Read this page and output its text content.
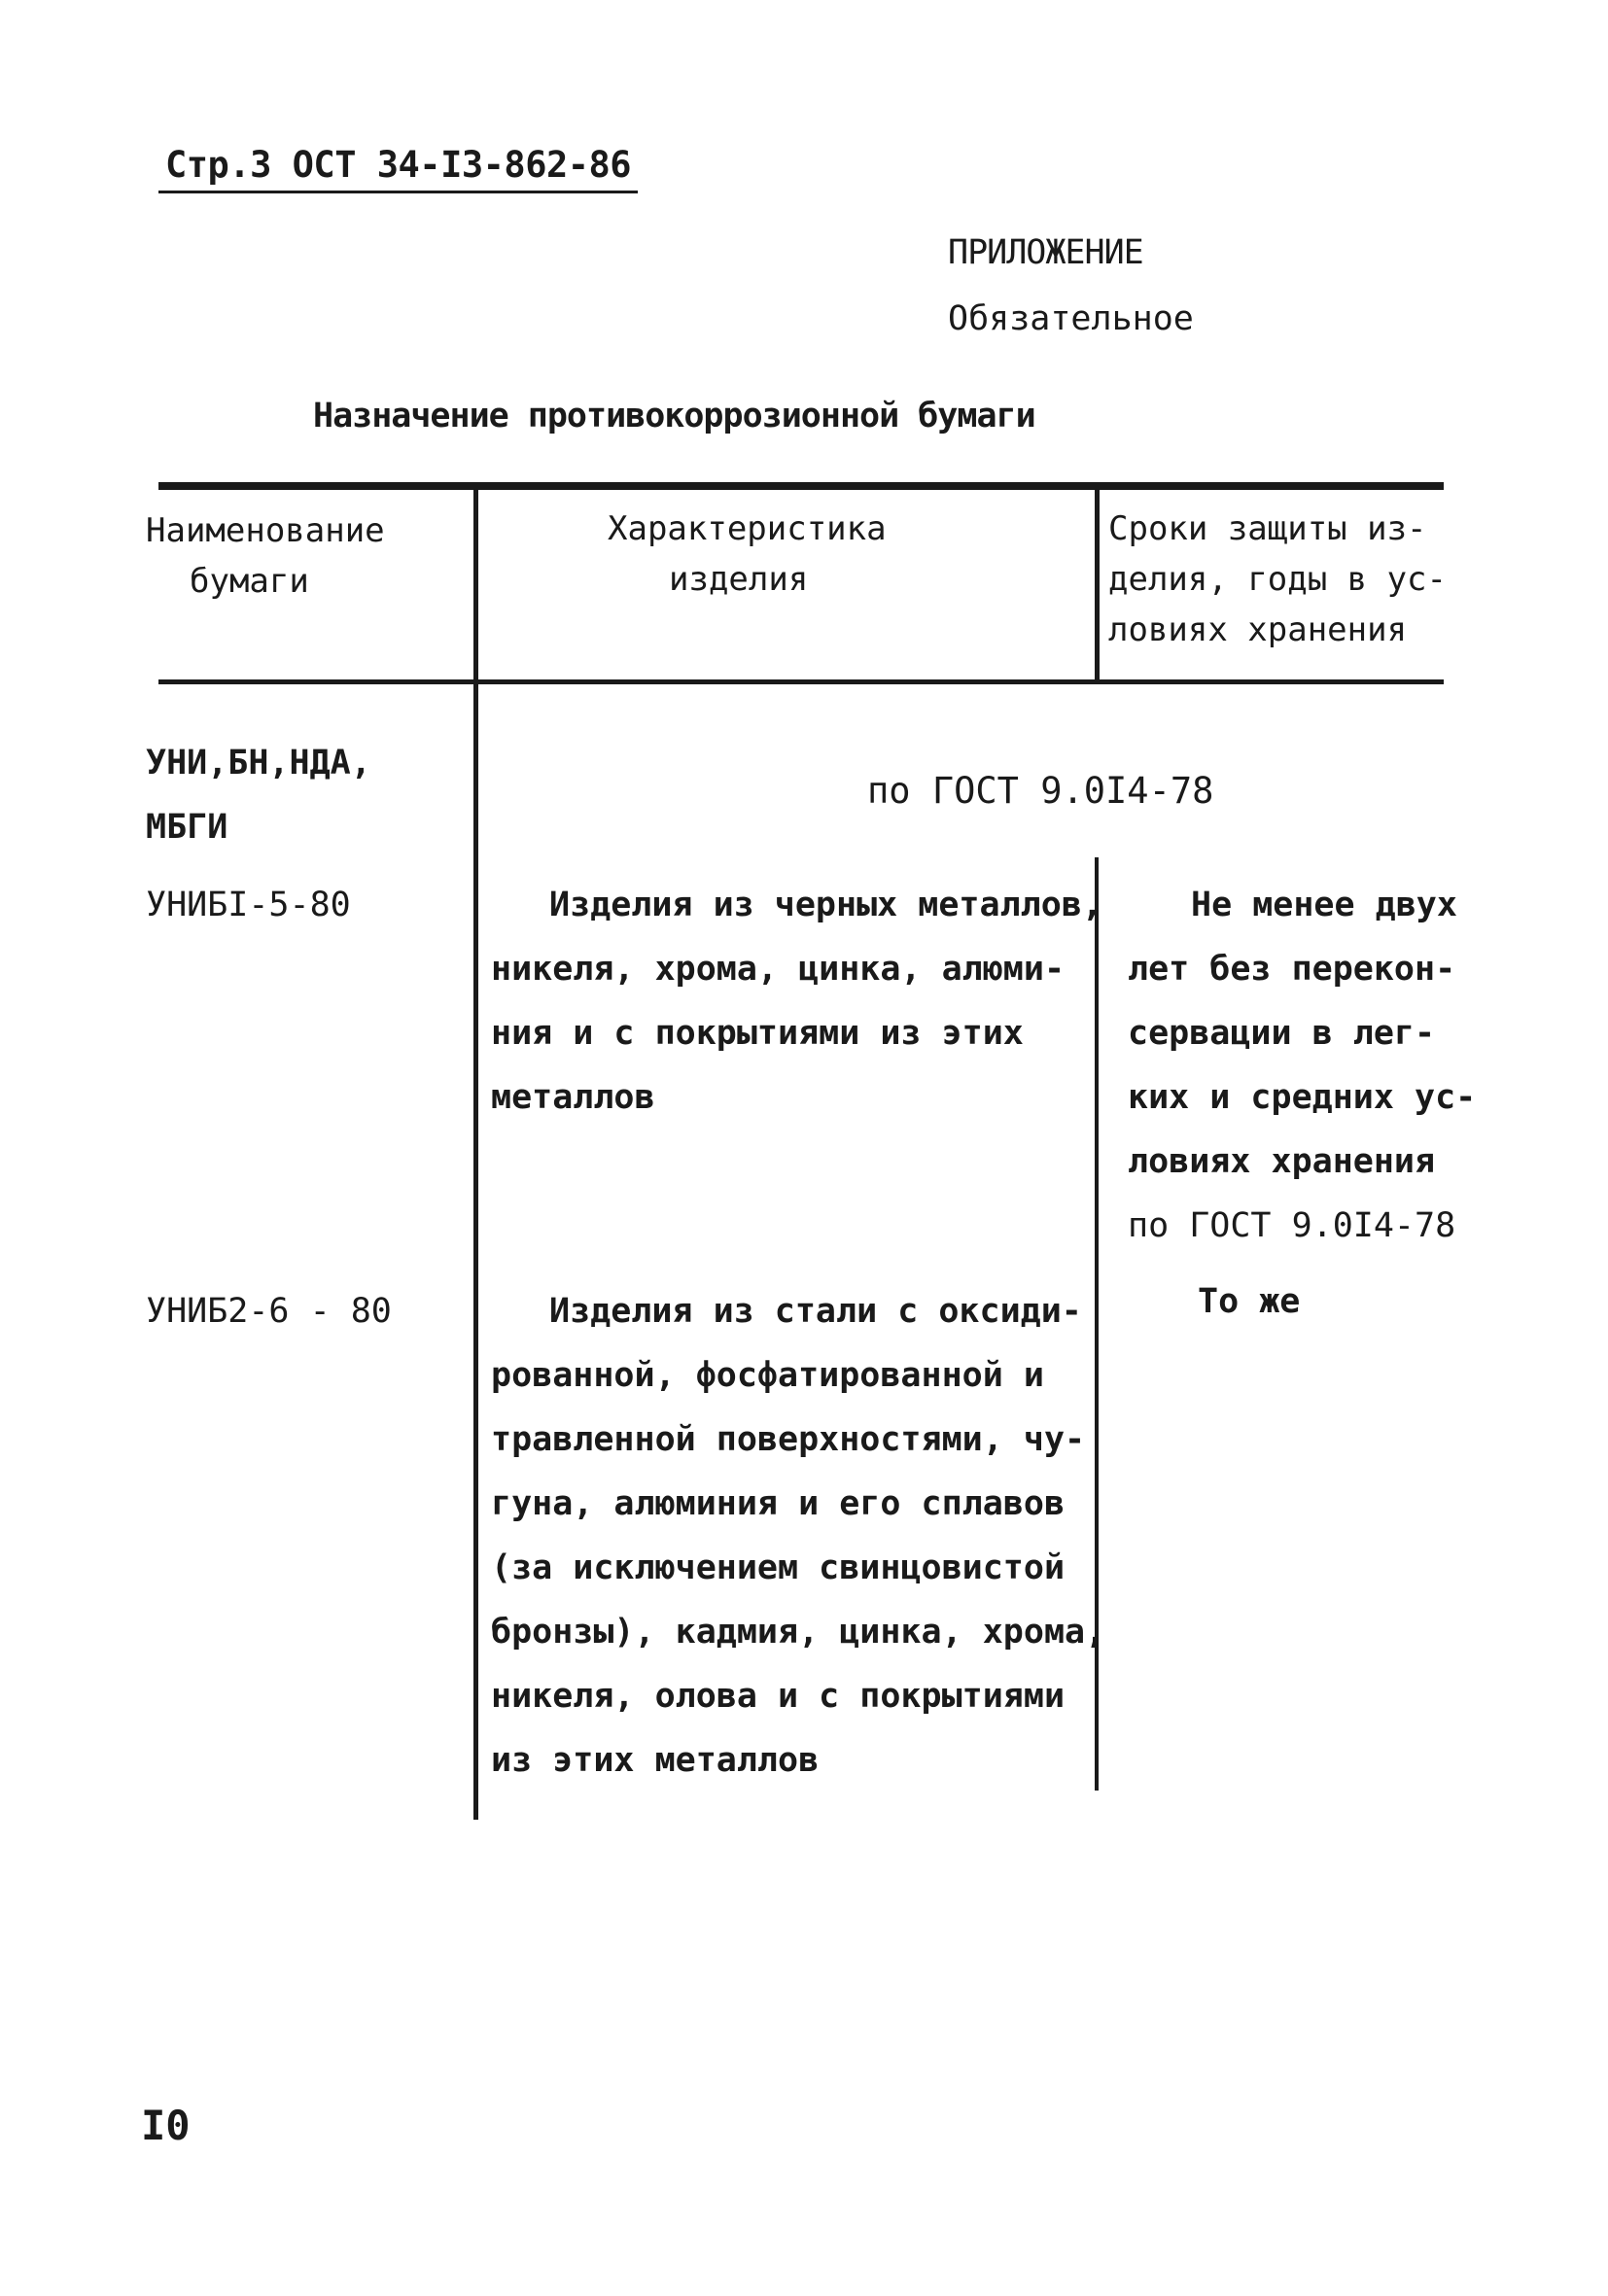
Стр.3 ОСТ 34-I3-862-86
ПРИЛОЖЕНИЕ
Обязательное
Назначение противокоррозионной бумаги
Наименование
бумаги
Характеристика
изделия
Сроки защиты из-
делия, годы в ус-
ловиях хранения
УНИ,БН,НДА,
МБГИ
по ГОСТ 9.0I4-78
УНИБI-5-80	Изделия из черных металлов,
никеля, хрома, цинка, алюми-
ния и с покрытиями из этих
металлов
Не менее двух
лет без перекон-
сервации в лег-
ких и средних ус-
ловиях хранения
по ГОСТ 9.0I4-78
УНИБ2-6 - 80	Изделия из стали с оксиди-
рованной, фосфатированной и
травленной поверхностями, чу-
гуна, алюминия и его сплавов
(за исключением свинцовистой
бронзы), кадмия, цинка, хрома,
никеля, олова и с покрытиями
из этих металлов
То же
I0
